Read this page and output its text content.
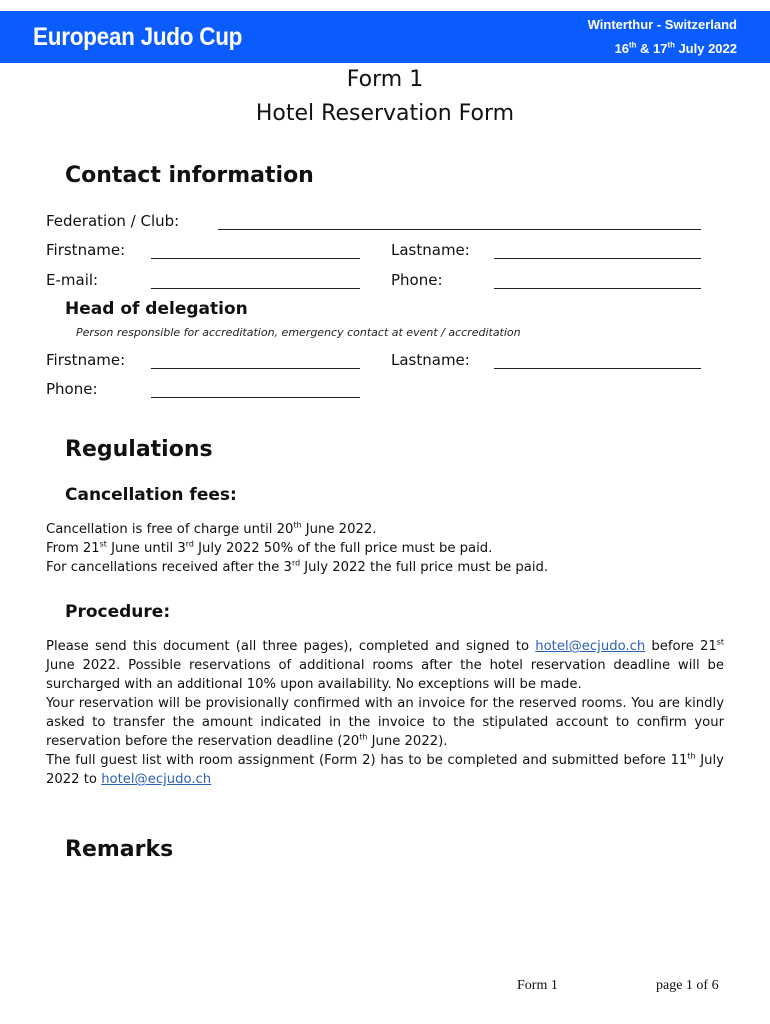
European Judo Cup	Winterthur - Switzerland
16th & 17th July 2022
Form 1
Hotel Reservation Form
Contact information
Federation / Club:
Firstname:	Lastname:
E-mail:	Phone:
Head of delegation
Person responsible for accreditation, emergency contact at event / accreditation
Firstname:	Lastname:
Phone:
Regulations
Cancellation fees:

Cancellation is free of charge until 20th June 2022.

From 21st June until 3rd July 2022 50% of the full price must be paid.

For cancellations received after the 3rd July 2022 the full price must be paid.

Procedure:

Please send this document (all three pages), completed and signed to hotel@ecjudo.ch before 21st June 2022. Possible reservations of additional rooms after the hotel reservation deadline will be surcharged with an additional 10% upon availability. No exceptions will be made.

Your reservation will be provisionally confirmed with an invoice for the reserved rooms. You are kindly asked to transfer the amount indicated in the invoice to the stipulated account to confirm your reservation before the reservation deadline (20th June 2022).

The full guest list with room assignment (Form 2) has to be completed and submitted before 11th July 2022 to hotel@ecjudo.ch

Remarks
Form 1	page 1 of 6
